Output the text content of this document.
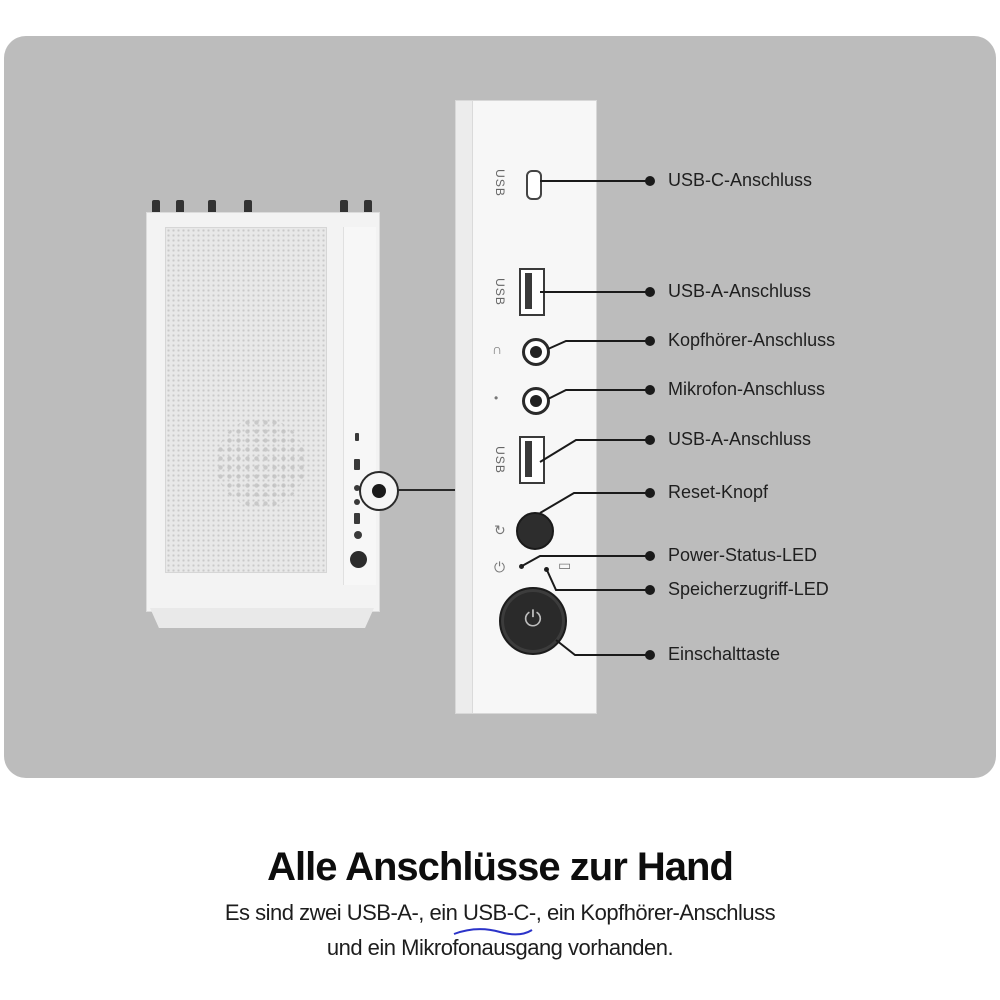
USB
USB
∩
•
USB
↻
⏻	▭
⏻
USB-C-Anschluss
USB-A-Anschluss
Kopfhörer-Anschluss
Mikrofon-Anschluss
USB-A-Anschluss
Reset-Knopf
Power-Status-LED
Speicherzugriff-LED
Einschalttaste
Alle Anschlüsse zur Hand
Es sind zwei USB-A-, ein USB-C-, ein Kopfhörer-Anschluss
und ein Mikrofonausgang vorhanden.
